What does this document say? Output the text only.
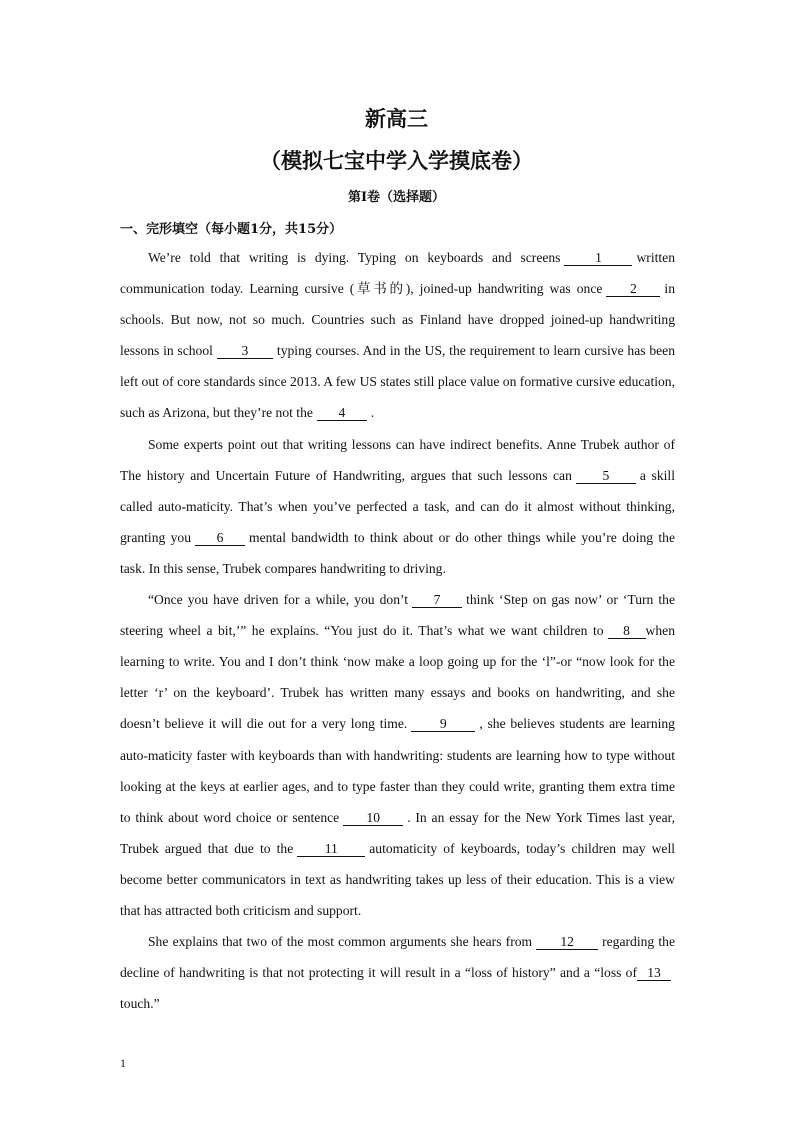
新高三
（模拟七宝中学入学摸底卷）
第I卷（选择题）
一、完形填空（每小题1分，共15分）

We’re told that writing is dying. Typing on keyboards and screens	1	written communication today. Learning cursive (草书的), joined-up handwriting was once 2 in schools. But now, not so much. Countries such as Finland have dropped joined-up handwriting lessons in school 3 typing courses. And in the US, the requirement to learn cursive has been left out of core standards since 2013. A few US states still place value on formative cursive education, such as Arizona, but they’re not the 4 .

Some experts point out that writing lessons can have indirect benefits. Anne Trubek author of The history and Uncertain Future of Handwriting, argues that such lessons can 5 a skill called auto-maticity. That’s when you’ve perfected a task, and can do it almost without thinking, granting you 6 mental bandwidth to think about or do other things while you’re doing the task. In this sense, Trubek compares handwriting to driving.

“Once you have driven for a while, you don’t 7 think ‘Step on gas now’ or ‘Turn the steering wheel a bit,’” he explains. “You just do it. That’s what we want children to 8 when learning to write. You and I don’t think ‘now make a loop going up for the ‘l”-or “now look for the letter ‘r’ on the keyboard’. Trubek has written many essays and books on handwriting, and she doesn’t believe it will die out for a very long time. 9 , she believes students are learning auto-maticity faster with keyboards than with handwriting: students are learning how to type without looking at the keys at earlier ages, and to type faster than they could write, granting them extra time to think about word choice or sentence 10 . In an essay for the New York Times last year, Trubek argued that due to the 11 automaticity of keyboards, today’s children may well become better communicators in text as handwriting takes up less of their education. This is a view that has attracted both criticism and support.

She explains that two of the most common arguments she hears from 12 regarding the decline of handwriting is that not protecting it will result in a “loss of history” and a “loss of 13touch.”

1
